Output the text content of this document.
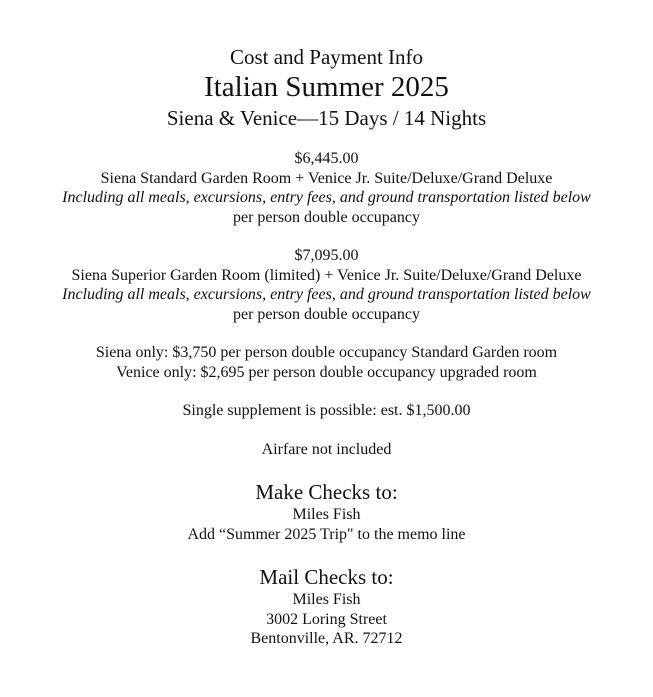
Cost and Payment Info
Italian Summer 2025
Siena & Venice—15 Days / 14 Nights
$6,445.00
Siena Standard Garden Room + Venice Jr. Suite/Deluxe/Grand Deluxe
Including all meals, excursions, entry fees, and ground transportation listed below
per person double occupancy
$7,095.00
Siena Superior Garden Room (limited) + Venice Jr. Suite/Deluxe/Grand Deluxe
Including all meals, excursions, entry fees, and ground transportation listed below
per person double occupancy
Siena only: $3,750 per person double occupancy Standard Garden room
Venice only: $2,695 per person double occupancy upgraded room
Single supplement is possible: est. $1,500.00
Airfare not included
Make Checks to:
Miles Fish
Add “Summer 2025 Trip" to the memo line
Mail Checks to:
Miles Fish
3002 Loring Street
Bentonville, AR. 72712
